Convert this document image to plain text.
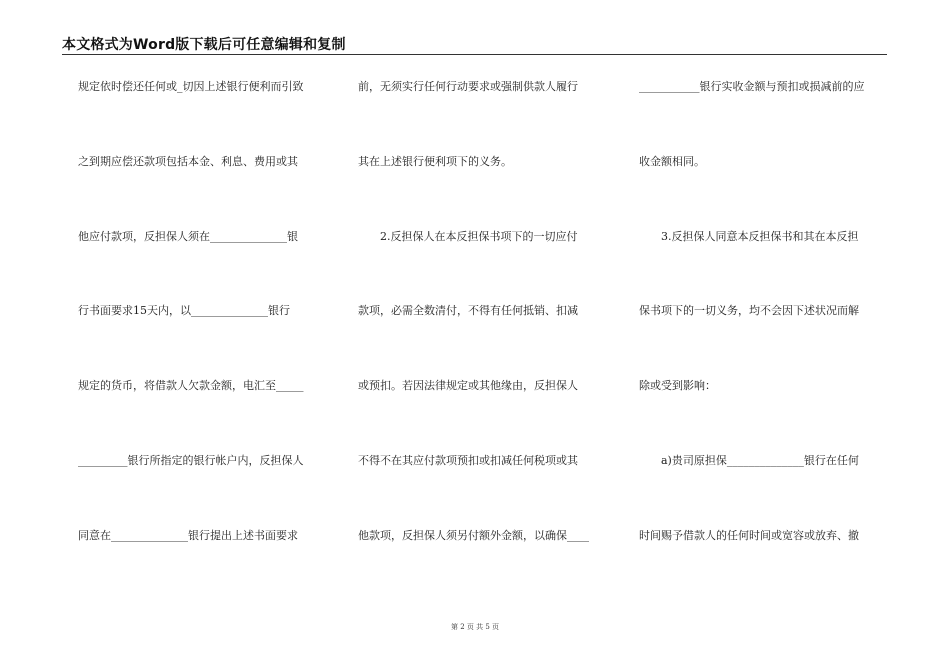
本文格式为Word版下载后可任意编辑和复制
规定依时偿还任何或_切因上述银行便利而引致
之到期应偿还款项包括本金、利息、费用或其
他应付款项，反担保人须在______________银
行书面要求15天内，以______________银行
规定的货币，将借款人欠款金额，电汇至_____
_________银行所指定的银行帐户内，反担保人
同意在______________银行提出上述书面要求
前，无须实行任何行动要求或强制供款人履行
其在上述银行便利项下的义务。
2.反担保人在本反担保书项下的一切应付
款项，必需全数清付，不得有任何抵销、扣减
或预扣。若因法律规定或其他缘由，反担保人
不得不在其应付款项预扣或扣减任何税项或其
他款项，反担保人须另付额外金额，以确保____
___________银行实收金额与预扣或损减前的应
收金额相同。
3.反担保人同意本反担保书和其在本反担
保书项下的一切义务，均不会因下述状况而解
除或受到影响：
a)贵司原担保______________银行在任何
时间赐予借款人的任何时间或宽容或放弃、撤
第 2 页 共 5 页
